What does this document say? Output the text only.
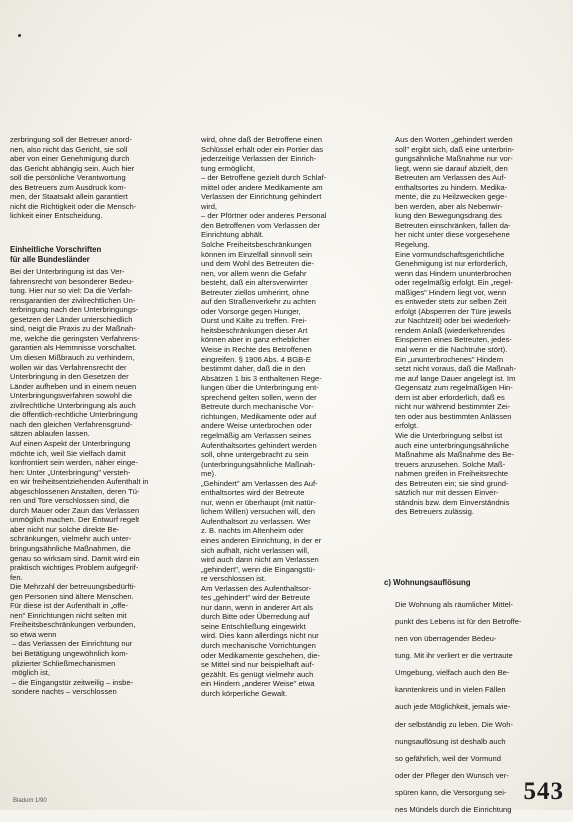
zerbringung soll der Betreuer anord-

nen, also nicht das Gericht, sie soll

aber von einer Genehmigung durch

das Gericht abhängig sein. Auch hier

soll die persönliche Verantwortung

des Betreuers zum Ausdruck kom-

men, der Staatsakt allein garantiert

nicht die Richtigkeit oder die Mensch-

lichkeit einer Entscheidung.

Einheitliche Vorschriften

für alle Bundesländer

Bei der Unterbringung ist das Ver-

fahrensrecht von besonderer Bedeu-

tung. Hier nur so viel: Da die Verfah-

rensgarantien der zivilrechtlichen Un-

terbringung nach den Unterbringungs-

gesetzen der Länder unterschiedlich

sind, neigt die Praxis zu der Maßnah-

me, welche die geringsten Verfahrens-

garantien als Hemmnisse vorschaltet.

Um diesen Mißbrauch zu verhindern,

wollen wir das Verfahrensrecht der

Unterbringung in den Gesetzen der

Länder aufheben und in einem neuen

Unterbringungsverfahren sowohl die

zivilrechtliche Unterbringung als auch

die öffentlich-rechtliche Unterbringung

nach den gleichen Verfahrensgrund-

sätzen ablaufen lassen.

Auf einen Aspekt der Unterbringung

möchte ich, weil Sie vielfach damit

konfrontiert sein werden, näher einge-

hen: Unter „Unterbringung" versteh-

en wir freiheitsentziehenden Aufenthalt in

abgeschlossenen Anstalten, deren Tü-

ren und Tore verschlossen sind, die

durch Mauer oder Zaun das Verlassen

unmöglich machen. Der Entwurf regelt

aber nicht nur solche direkte Be-

schränkungen, vielmehr auch unter-

bringungsähnliche Maßnahmen, die

genau so wirksam sind. Damit wird ein

praktisch wichtiges Problem aufgegrif-

fen.

Die Mehrzahl der betreuungsbedürfti-

gen Personen sind ältere Menschen.

Für diese ist der Aufenthalt in „offe-

nen" Einrichtungen nicht selten mit

Freiheitsbeschränkungen verbunden,

so etwa wenn

– das Verlassen der Einrichtung nur

bei Betätigung ungewöhnlich kom-

plizierter Schließmechanismen

möglich ist,

– die Eingangstür zeitweilig – insbe-

sondere nachts – verschlossen

wird, ohne daß der Betroffene einen

Schlüssel erhält oder ein Portier das

jederzeitige Verlassen der Einrich-

tung ermöglicht,

– der Betroffene gezielt durch Schlaf-

mittel oder andere Medikamente am

Verlassen der Einrichtung gehindert

wird,

– der Pförtner oder anderes Personal

den Betroffenen vom Verlassen der

Einrichtung abhält.

Solche Freiheitsbeschränkungen

können im Einzelfall sinnvoll sein

und dem Wohl des Betreuten die-

nen, vor allem wenn die Gefahr

besteht, daß ein altersverwirrter

Betreuter ziellos umherirrt, ohne

auf den Straßenverkehr zu achten

oder Vorsorge gegen Hunger,

Durst und Kälte zu treffen. Frei-

heitsbeschränkungen dieser Art

können aber in ganz erheblicher

Weise in Rechte des Betroffenen

eingreifen. § 1906 Abs. 4 BGB-E

bestimmt daher, daß die in den

Absätzen 1 bis 3 enthaltenen Rege-

lungen über die Unterbringung ent-

sprechend gelten sollen, wenn der

Betreute durch mechanische Vor-

richtungen, Medikamente oder auf

andere Weise unterbrochen oder

regelmäßig am Verlassen seines

Aufenthaltsortes gehindert werden

soll, ohne untergebracht zu sein

(unterbringungsähnliche Maßnah-

me).

„Gehindert" am Verlassen des Auf-

enthaltsortes wird der Betreute

nur, wenn er überhaupt (mit natür-

lichem Willen) versuchen will, den

Aufenthaltsort zu verlassen. Wer

z. B. nachts im Altenheim oder

eines anderen Einrichtung, in der er

sich aufhält, nicht verlassen will,

wird auch dann nicht am Verlassen

„gehindert", wenn die Eingangstü-

re verschlossen ist.

Am Verlassen des Aufenthaltsor-

tes „gehindert" wird der Betreute

nur dann, wenn in anderer Art als

durch Bitte oder Überredung auf

seine Entschließung eingewirkt

wird. Dies kann allerdings nicht nur

durch mechanische Vorrichtungen

oder Medikamente geschehen, die-

se Mittel sind nur beispielhaft auf-

gezählt. Es genügt vielmehr auch

ein Hindern „anderer Weise" etwa

durch körperliche Gewalt.

Aus den Worten „gehindert werden

soll" ergibt sich, daß eine unterbrin-

gungsähnliche Maßnahme nur vor-

liegt, wenn sie darauf abzielt, den

Betreuten am Verlassen des Auf-

enthaltsortes zu hindern. Medika-

mente, die zu Heilzwecken gege-

ben werden, aber als Nebenwir-

kung den Bewegungsdrang des

Betreuten einschränken, fallen da-

her nicht unter diese vorgesehene

Regelung.

Eine vormundschaftsgerichtliche

Genehmigung ist nur erforderlich,

wenn das Hindern ununterbrochen

oder regelmäßig erfolgt. Ein „regel-

mäßiges" Hindern liegt vor, wenn

es entweder stets zur selben Zeit

erfolgt (Absperren der Türe jeweils

zur Nachtzeit) oder bei wiederkeh-

rendem Anlaß (wiederkehrendes

Einsperren eines Betreuten, jedes-

mal wenn er die Nachtruhe stört).

Ein „ununterbrochenes" Hindern

setzt nicht voraus, daß die Maßnah-

me auf lange Dauer angelegt ist. Im

Gegensatz zum regelmäßigen Hin-

dern ist aber erforderlich, daß es

nicht nur während bestimmter Zei-

ten oder aus bestimmten Anlässen

erfolgt.

Wie die Unterbringung selbst ist

auch eine unterbringungsähnliche

Maßnahme als Maßnahme des Be-

treuers anzusehen. Solche Maß-

nahmen greifen in Freiheitsrechte

des Betreuten ein; sie sind grund-

sätzlich nur mit dessen Einver-

ständnis bzw. dem Einverständnis

des Betreuers zulässig.

c) Wohnungsauflösung

Die Wohnung als räumlicher Mittel-

punkt des Lebens ist für den Betroffe-

nen von überragender Bedeu-

tung. Mit ihr verliert er die vertraute

Umgebung, vielfach auch den Be-

kanntenkreis und in vielen Fällen

auch jede Möglichkeit, jemals wie-

der selbständig zu leben. Die Woh-

nungsauflösung ist deshalb auch

so gefährlich, weil der Vormund

oder der Pfleger den Wunsch ver-

spüren kann, die Versorgung sei-

nes Mündels durch die Einrichtung

Bladum 1/90	543
